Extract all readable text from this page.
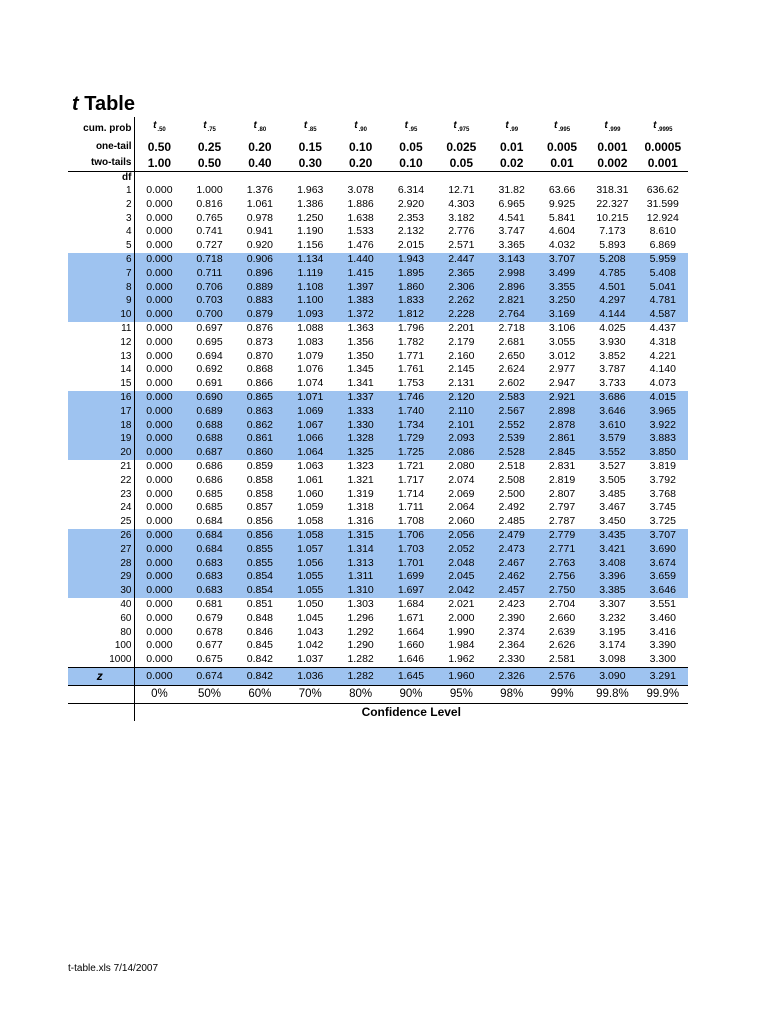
t Table
cum. prob	$t_{.50}$	$t_{.75}$	$t_{.80}$	$t_{.85}$	$t_{.90}$	$t_{.95}$	$t_{.975}$	$t_{.99}$	$t_{.995}$	$t_{.999}$	$t_{.9995}$
one-tail	0.50	0.25	0.20	0.15	0.10	0.05	0.025	0.01	0.005	0.001	0.0005
two-tails	1.00	0.50	0.40	0.30	0.20	0.10	0.05	0.02	0.01	0.002	0.001
df											
1	0.000	1.000	1.376	1.963	3.078	6.314	12.71	31.82	63.66	318.31	636.62
2	0.000	0.816	1.061	1.386	1.886	2.920	4.303	6.965	9.925	22.327	31.599
3	0.000	0.765	0.978	1.250	1.638	2.353	3.182	4.541	5.841	10.215	12.924
4	0.000	0.741	0.941	1.190	1.533	2.132	2.776	3.747	4.604	7.173	8.610
5	0.000	0.727	0.920	1.156	1.476	2.015	2.571	3.365	4.032	5.893	6.869
6	0.000	0.718	0.906	1.134	1.440	1.943	2.447	3.143	3.707	5.208	5.959
7	0.000	0.711	0.896	1.119	1.415	1.895	2.365	2.998	3.499	4.785	5.408
8	0.000	0.706	0.889	1.108	1.397	1.860	2.306	2.896	3.355	4.501	5.041
9	0.000	0.703	0.883	1.100	1.383	1.833	2.262	2.821	3.250	4.297	4.781
10	0.000	0.700	0.879	1.093	1.372	1.812	2.228	2.764	3.169	4.144	4.587
11	0.000	0.697	0.876	1.088	1.363	1.796	2.201	2.718	3.106	4.025	4.437
12	0.000	0.695	0.873	1.083	1.356	1.782	2.179	2.681	3.055	3.930	4.318
13	0.000	0.694	0.870	1.079	1.350	1.771	2.160	2.650	3.012	3.852	4.221
14	0.000	0.692	0.868	1.076	1.345	1.761	2.145	2.624	2.977	3.787	4.140
15	0.000	0.691	0.866	1.074	1.341	1.753	2.131	2.602	2.947	3.733	4.073
16	0.000	0.690	0.865	1.071	1.337	1.746	2.120	2.583	2.921	3.686	4.015
17	0.000	0.689	0.863	1.069	1.333	1.740	2.110	2.567	2.898	3.646	3.965
18	0.000	0.688	0.862	1.067	1.330	1.734	2.101	2.552	2.878	3.610	3.922
19	0.000	0.688	0.861	1.066	1.328	1.729	2.093	2.539	2.861	3.579	3.883
20	0.000	0.687	0.860	1.064	1.325	1.725	2.086	2.528	2.845	3.552	3.850
21	0.000	0.686	0.859	1.063	1.323	1.721	2.080	2.518	2.831	3.527	3.819
22	0.000	0.686	0.858	1.061	1.321	1.717	2.074	2.508	2.819	3.505	3.792
23	0.000	0.685	0.858	1.060	1.319	1.714	2.069	2.500	2.807	3.485	3.768
24	0.000	0.685	0.857	1.059	1.318	1.711	2.064	2.492	2.797	3.467	3.745
25	0.000	0.684	0.856	1.058	1.316	1.708	2.060	2.485	2.787	3.450	3.725
26	0.000	0.684	0.856	1.058	1.315	1.706	2.056	2.479	2.779	3.435	3.707
27	0.000	0.684	0.855	1.057	1.314	1.703	2.052	2.473	2.771	3.421	3.690
28	0.000	0.683	0.855	1.056	1.313	1.701	2.048	2.467	2.763	3.408	3.674
29	0.000	0.683	0.854	1.055	1.311	1.699	2.045	2.462	2.756	3.396	3.659
30	0.000	0.683	0.854	1.055	1.310	1.697	2.042	2.457	2.750	3.385	3.646
40	0.000	0.681	0.851	1.050	1.303	1.684	2.021	2.423	2.704	3.307	3.551
60	0.000	0.679	0.848	1.045	1.296	1.671	2.000	2.390	2.660	3.232	3.460
80	0.000	0.678	0.846	1.043	1.292	1.664	1.990	2.374	2.639	3.195	3.416
100	0.000	0.677	0.845	1.042	1.290	1.660	1.984	2.364	2.626	3.174	3.390
1000	0.000	0.675	0.842	1.037	1.282	1.646	1.962	2.330	2.581	3.098	3.300
z	0.000	0.674	0.842	1.036	1.282	1.645	1.960	2.326	2.576	3.090	3.291
	0%	50%	60%	70%	80%	90%	95%	98%	99%	99.8%	99.9%
	Confidence Level										
t-table.xls 7/14/2007
